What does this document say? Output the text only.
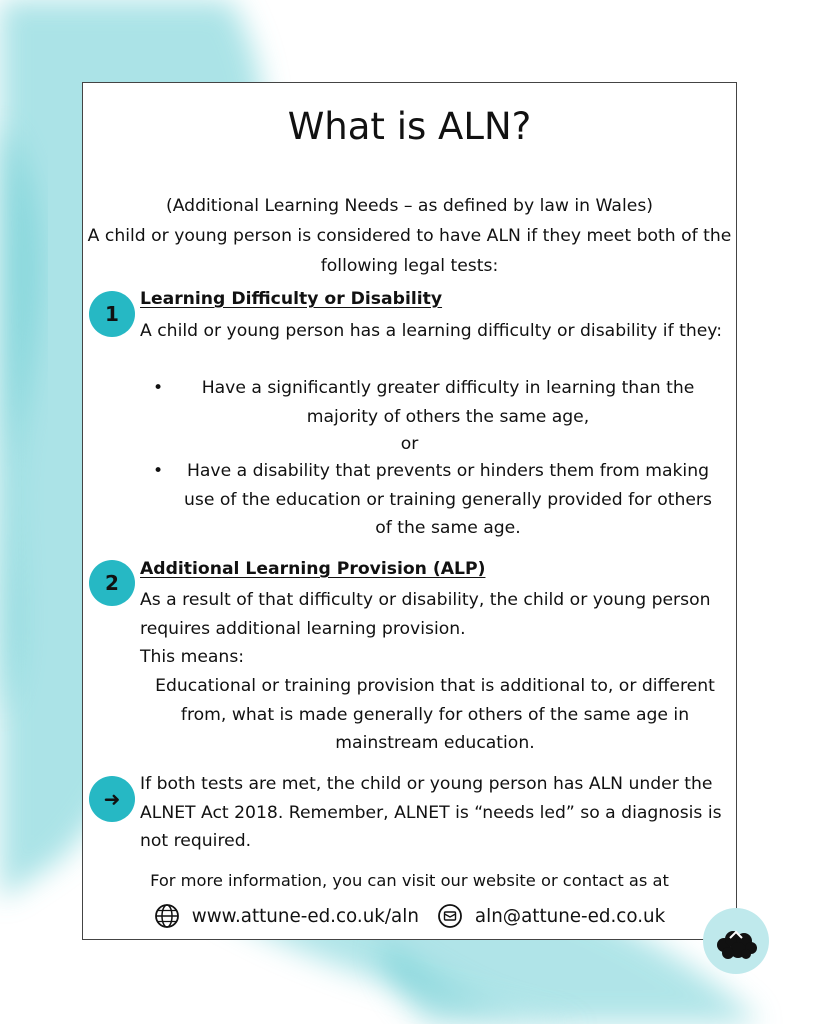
What is ALN?

(Additional Learning Needs – as defined by law in Wales)

A child or young person is considered to have ALN if they meet both of the following legal tests:

1
Learning Difficulty or Disability

A child or young person has a learning difficulty or disability if they:

•	Have a significantly greater difficulty in learning than the majority of others the same age,

or

•	Have a disability that prevents or hinders them from making use of the education or training generally provided for others of the same age.

2
Additional Learning Provision (ALP)

As a result of that difficulty or disability, the child or young person requires additional learning provision.

This means:

Educational or training provision that is additional to, or different from, what is made generally for others of the same age in mainstream education.

➜

If both tests are met, the child or young person has ALN under the ALNET Act 2018. Remember, ALNET is “needs led” so a diagnosis is not required.

For more information, you can visit our website or contact as at

www.attune-ed.co.uk/aln	aln@attune-ed.co.uk
